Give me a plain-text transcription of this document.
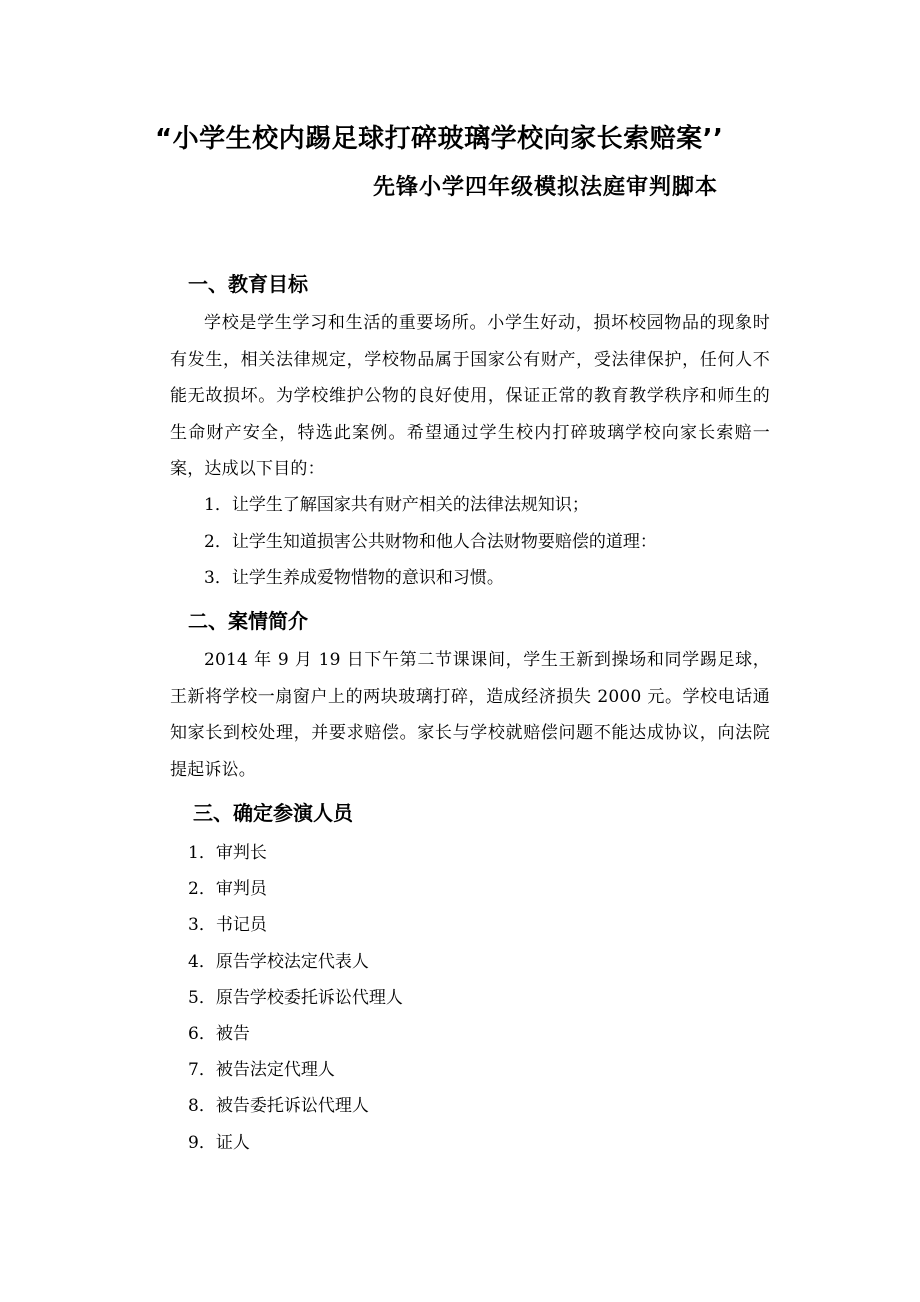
“小学生校内踢足球打碎玻璃学校向家长索赔案’’
先锋小学四年级模拟法庭审判脚本
一、教育目标
学校是学生学习和生活的重要场所。小学生好动，损坏校园物品的现象时有发生，相关法律规定，学校物品属于国家公有财产，受法律保护，任何人不能无故损坏。为学校维护公物的良好使用，保证正常的教育教学秩序和师生的生命财产安全，特选此案例。希望通过学生校内打碎玻璃学校向家长索赔一案，达成以下目的：
1．让学生了解国家共有财产相关的法律法规知识；
2．让学生知道损害公共财物和他人合法财物要赔偿的道理：
3．让学生养成爱物惜物的意识和习惯。
二、案情简介
2014 年 9 月 19 日下午第二节课课间，学生王新到操场和同学踢足球，王新将学校一扇窗户上的两块玻璃打碎，造成经济损失 2000 元。学校电话通知家长到校处理，并要求赔偿。家长与学校就赔偿问题不能达成协议，向法院提起诉讼。
三、确定参演人员
1．审判长
2．审判员
3．书记员
4．原告学校法定代表人
5．原告学校委托诉讼代理人
6．被告
7．被告法定代理人
8．被告委托诉讼代理人
9．证人
